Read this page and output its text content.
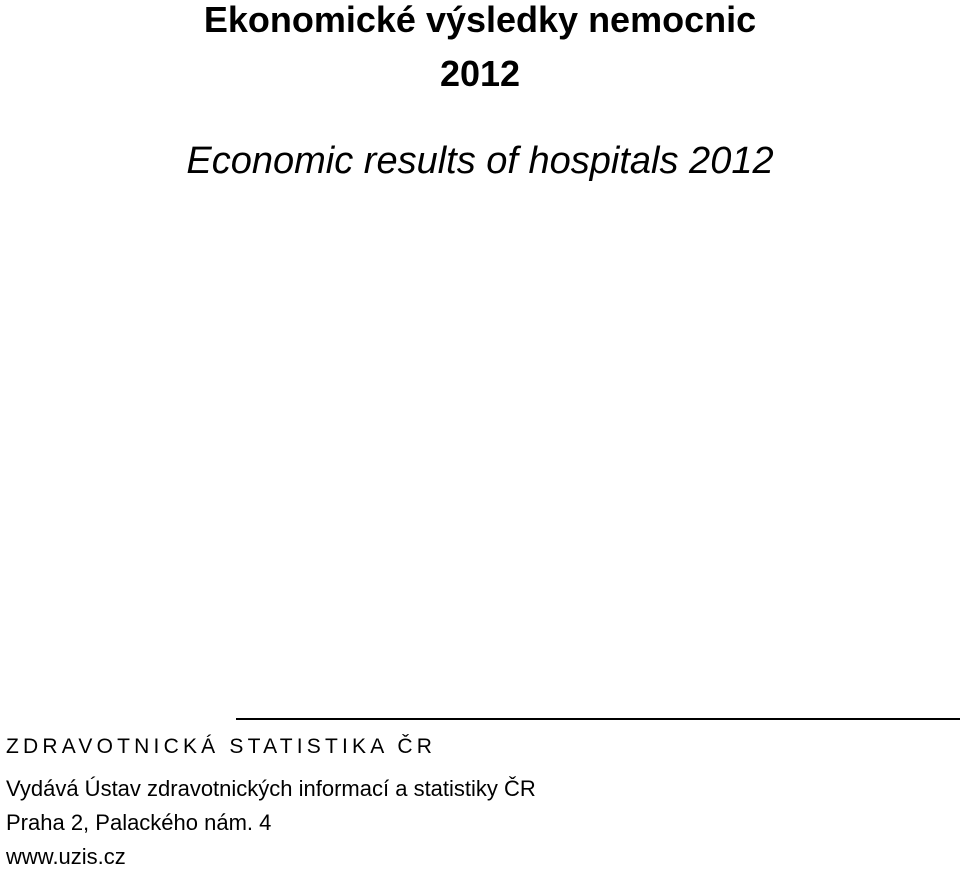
Ekonomické výsledky nemocnic
2012
Economic results of hospitals 2012
ZDRAVOTNICKÁ STATISTIKA ČR
Vydává Ústav zdravotnických informací a statistiky ČR
Praha 2, Palackého nám. 4
www.uzis.cz
